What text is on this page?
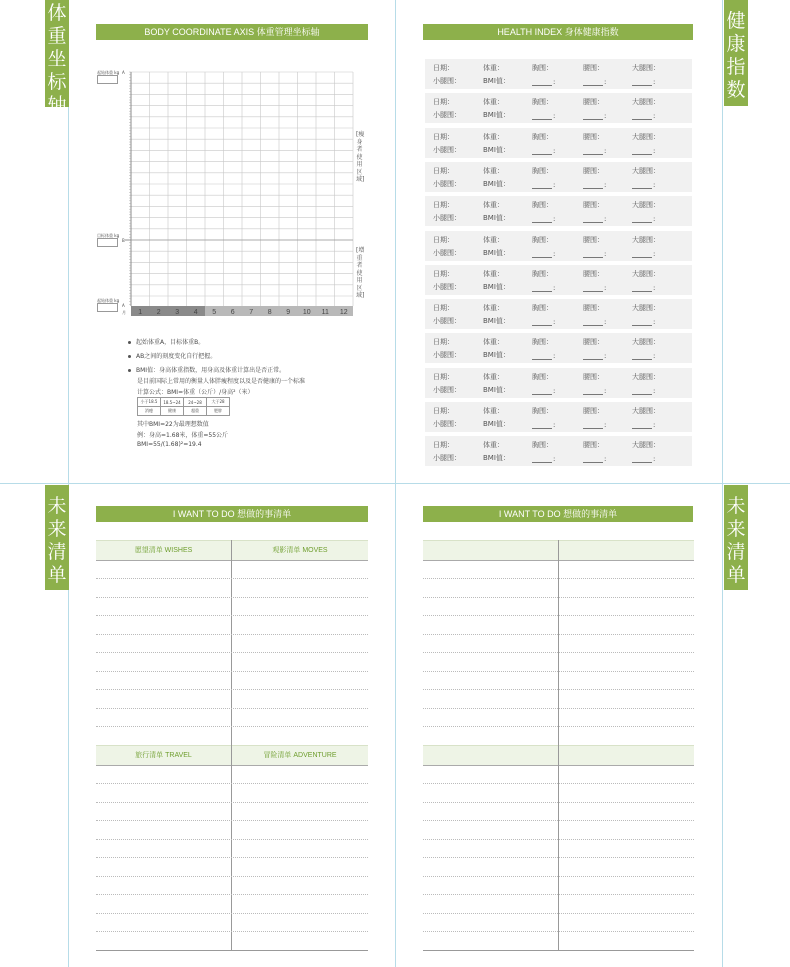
体
重
坐
标
轴
健
康
指
数
未
来
清
单
未
来
清
单
BODY COORDINATE AXIS 体重管理坐标轴
起始体重 kg A
目标体重 kg
B
起始体重 kg
A
月 1 2 3 4 5 6 7 8 9 10 11 12
[瘦身者使用区域]
[增重者使用区域]
起始体重A，目标体重B。
AB之间的刻度变化自行把握。
BMI值：身高体重指数，用身高及体重计算出是否正常。
是目前国际上常用的衡量人体胖瘦程度以及是否健康的一个标准
计算公式：BMI=体重（公斤）/身高²（米）
小于18.5	18.5~24	24~28	大于28
消瘦	健康	超重	肥胖
其中BMI=22为最理想数值
例：身高=1.68米，体重=55公斤
BMI=55/(1.68)²=19.4
HEALTH INDEX 身体健康指数
日期：	体重：	胸围：	腰围：	大腿围：
小腿围：	BMI值：	:	:	:
日期：	体重：	胸围：	腰围：	大腿围：
小腿围：	BMI值：	:	:	:
日期：	体重：	胸围：	腰围：	大腿围：
小腿围：	BMI值：	:	:	:
日期：	体重：	胸围：	腰围：	大腿围：
小腿围：	BMI值：	:	:	:
日期：	体重：	胸围：	腰围：	大腿围：
小腿围：	BMI值：	:	:	:
日期：	体重：	胸围：	腰围：	大腿围：
小腿围：	BMI值：	:	:	:
日期：	体重：	胸围：	腰围：	大腿围：
小腿围：	BMI值：	:	:	:
日期：	体重：	胸围：	腰围：	大腿围：
小腿围：	BMI值：	:	:	:
日期：	体重：	胸围：	腰围：	大腿围：
小腿围：	BMI值：	:	:	:
日期：	体重：	胸围：	腰围：	大腿围：
小腿围：	BMI值：	:	:	:
日期：	体重：	胸围：	腰围：	大腿围：
小腿围：	BMI值：	:	:	:
日期：	体重：	胸围：	腰围：	大腿围：
小腿围：	BMI值：	:	:	:
I WANT TO DO 想做的事清单
愿望清单 WISHES	观影清单 MOVES
旅行清单 TRAVEL	冒险清单 ADVENTURE
I WANT TO DO 想做的事清单
